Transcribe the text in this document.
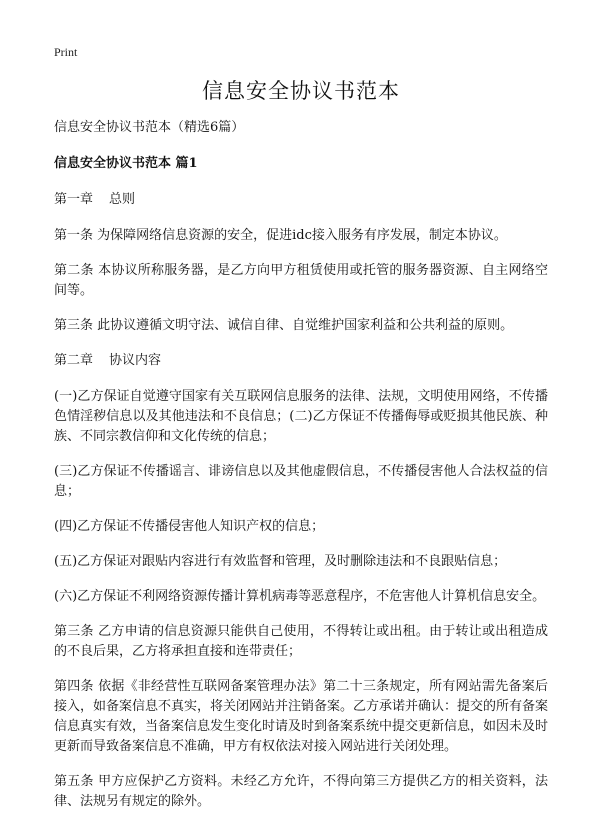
Print
信息安全协议书范本

信息安全协议书范本（精选6篇）

信息安全协议书范本 篇1

第一章 总则

第一条 为保障网络信息资源的安全，促进idc接入服务有序发展，制定本协议。

第二条 本协议所称服务器，是乙方向甲方租赁使用或托管的服务器资源、自主网络空间等。

第三条 此协议遵循文明守法、诚信自律、自觉维护国家利益和公共利益的原则。

第二章 协议内容

(一)乙方保证自觉遵守国家有关互联网信息服务的法律、法规，文明使用网络，不传播色情淫秽信息以及其他违法和不良信息；(二)乙方保证不传播侮辱或贬损其他民族、种族、不同宗教信仰和文化传统的信息；

(三)乙方保证不传播谣言、诽谤信息以及其他虚假信息，不传播侵害他人合法权益的信息；

(四)乙方保证不传播侵害他人知识产权的信息；

(五)乙方保证对跟贴内容进行有效监督和管理，及时删除违法和不良跟贴信息；

(六)乙方保证不利网络资源传播计算机病毒等恶意程序，不危害他人计算机信息安全。

第三条 乙方申请的信息资源只能供自己使用，不得转让或出租。由于转让或出租造成的不良后果，乙方将承担直接和连带责任；

第四条 依据《非经营性互联网备案管理办法》第二十三条规定，所有网站需先备案后接入，如备案信息不真实，将关闭网站并注销备案。乙方承诺并确认：提交的所有备案信息真实有效，当备案信息发生变化时请及时到备案系统中提交更新信息，如因未及时更新而导致备案信息不准确，甲方有权依法对接入网站进行关闭处理。

第五条 甲方应保护乙方资料。未经乙方允许，不得向第三方提供乙方的相关资料，法律、法规另有规定的除外。
